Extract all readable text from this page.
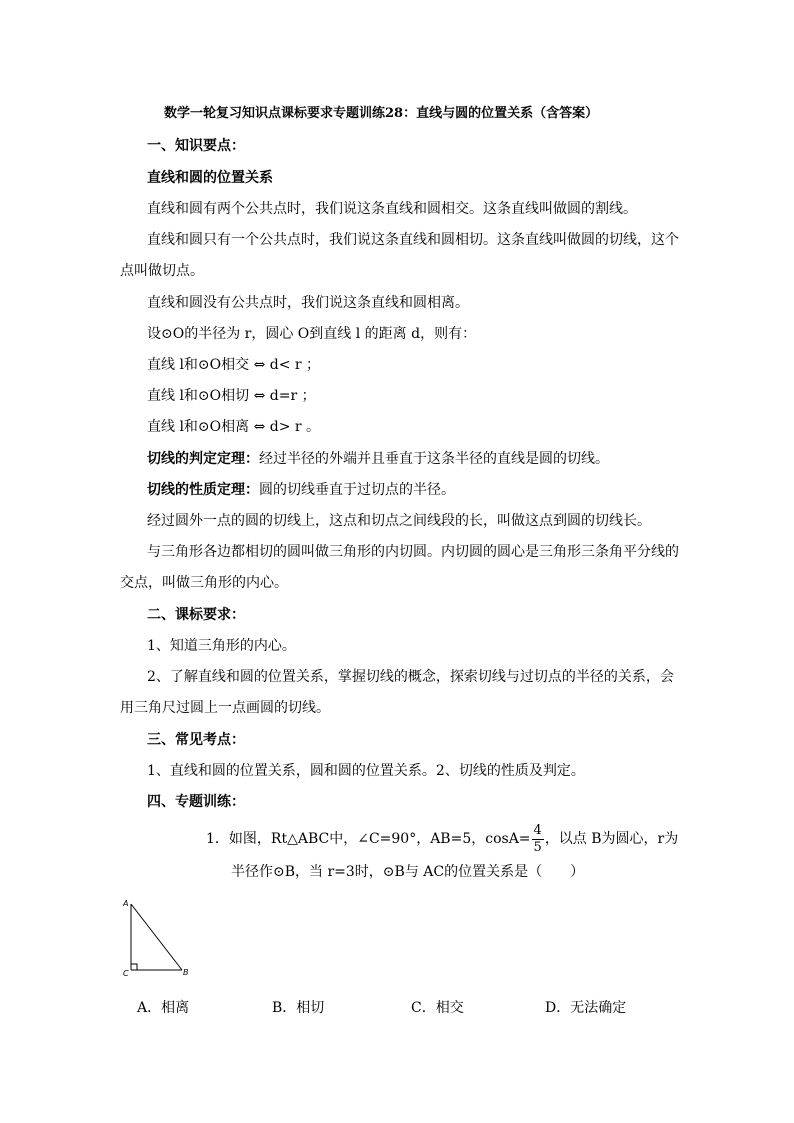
数学一轮复习知识点课标要求专题训练28：直线与圆的位置关系（含答案）
一、知识要点：
直线和圆的位置关系
直线和圆有两个公共点时，我们说这条直线和圆相交。这条直线叫做圆的割线。
直线和圆只有一个公共点时，我们说这条直线和圆相切。这条直线叫做圆的切线，这个
点叫做切点。
直线和圆没有公共点时，我们说这条直线和圆相离。
设⊙O的半径为 r，圆心 O到直线 l 的距离 d，则有：
直线 l和⊙O相交 ⇔ d< r ；
直线 l和⊙O相切 ⇔ d=r ；
直线 l和⊙O相离 ⇔ d> r 。
切线的判定定理：经过半径的外端并且垂直于这条半径的直线是圆的切线。
切线的性质定理：圆的切线垂直于过切点的半径。
经过圆外一点的圆的切线上，这点和切点之间线段的长，叫做这点到圆的切线长。
与三角形各边都相切的圆叫做三角形的内切圆。内切圆的圆心是三角形三条角平分线的
交点，叫做三角形的内心。
二、课标要求：
1、知道三角形的内心。
2、了解直线和圆的位置关系，掌握切线的概念，探索切线与过切点的半径的关系，会
用三角尺过圆上一点画圆的切线。
三、常见考点：
1、直线和圆的位置关系，圆和圆的位置关系。2、切线的性质及判定。
四、专题训练：
1．如图，Rt△ABC中，∠C=90°，AB=5，$\cos A= \frac{4}{5}$ ，以点 B为圆心，r为
半径作⊙B，当 r=3时，⊙B与 AC的位置关系是（　　）
A
C	B
A．相离	B．相切	C．相交	D．无法确定
